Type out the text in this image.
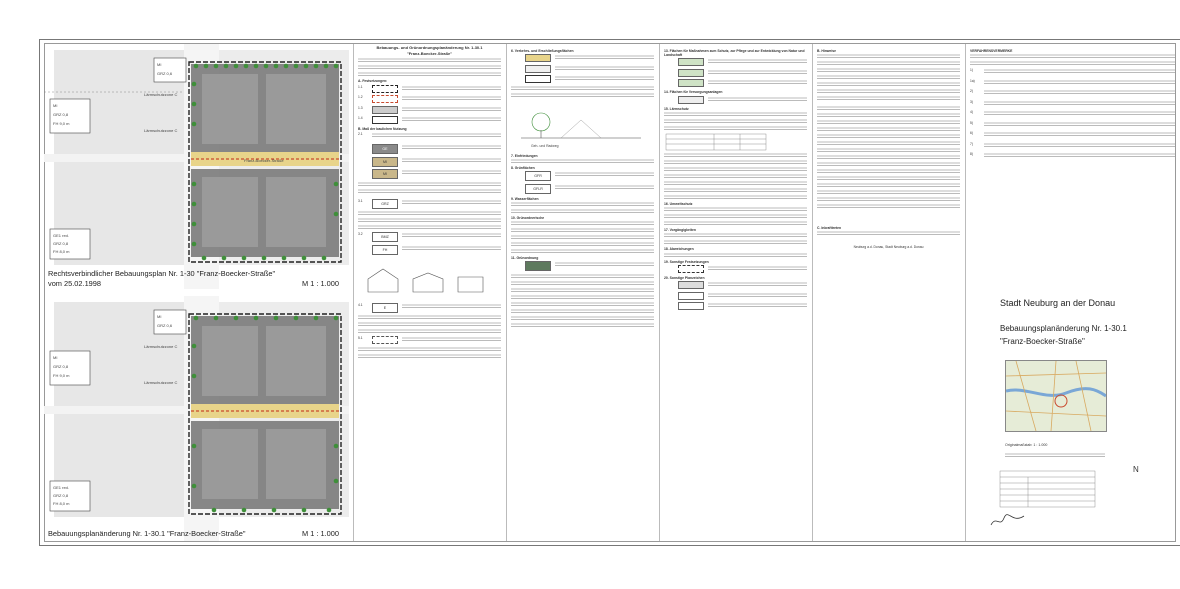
MI
GRZ 0,6
MI
GRZ 0,8
FH 9,0 m
GE1 red.
GRZ 0,8
FH 8,0 m
Lärmschutzzone C
Lärmschutzzone C
Franz-Boecker-Straße
Rechtsverbindlicher Bebauungsplan Nr. 1-30 "Franz-Boecker-Straße"
vom 25.02.1998	M 1 : 1.000
MI
GRZ 0,6
MI
GRZ 0,8
FH 9,0 m
GE1 red.
GRZ 0,8
FH 8,0 m
Lärmschutzzone C
Lärmschutzzone C
Bebauungsplanänderung Nr. 1-30.1 "Franz-Boecker-Straße"	M 1 : 1.000
Bebauungs- und Grünordnungsplanänderung Nr. 1-30.1
"Franz-Boecker-Straße"
A. Festsetzungen:
1.1
1.2
1.3
1.4
B. Maß der baulichen Nutzung
2.1
GE
MI
MI
3.1
GRZ
3.2
BMZ
FH
4.1
E
5.1
6. Verkehrs- und Erschließungsflächen
Geh- und Radweg
7. Einfriedungen
8. Grünflächen
GFR
GFLR
9. Wasserflächen
10. Grünordnerische
11. Grünordnung
13. Flächen für Maßnahmen zum Schutz, zur Pflege und zur Entwicklung von Natur und Landschaft
14. Flächen für Versorgungsanlagen
15. Lärmschutz
16. Umweltschutz
17. Vorgängigkeiten
18. Abweichungen
19. Sonstige Festsetzungen
20. Sonstige Planzeichen
B. Hinweise
C. Inkrafttreten
Neuburg a.d. Donau, Stadt Neuburg a.d. Donau
VERFAHRENSVERMERKE
1)
1a)
2)
3)
4)
5)
6)
7)
8)
Stadt Neuburg an der Donau
Bebauungsplanänderung Nr. 1-30.1
"Franz-Boecker-Straße"
Originalmaßstab: 1 : 1.000
N
